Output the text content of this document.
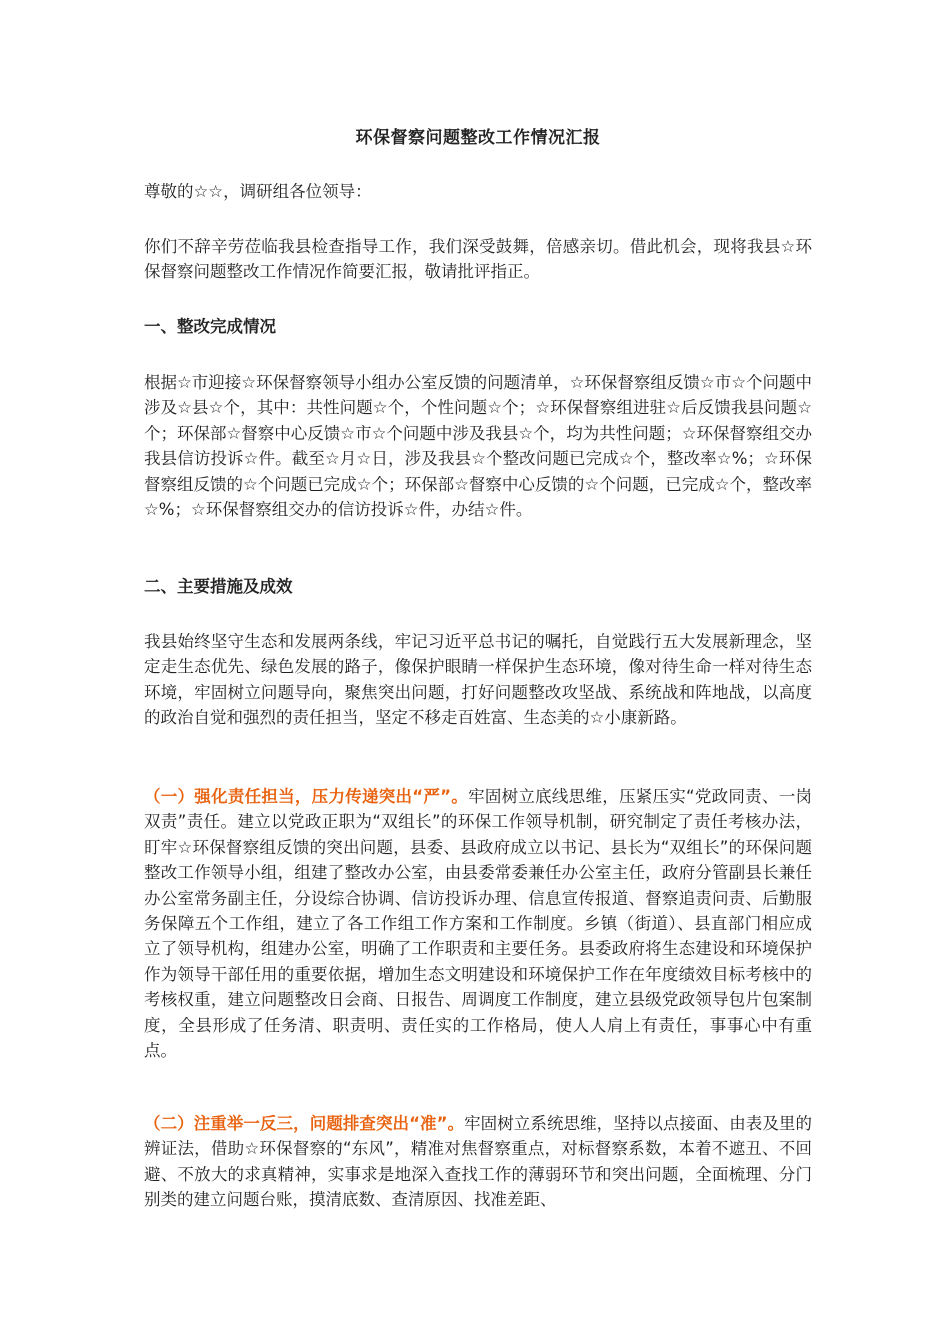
环保督察问题整改工作情况汇报
尊敬的☆☆，调研组各位领导：
你们不辞辛劳莅临我县检查指导工作，我们深受鼓舞，倍感亲切。借此机会，现将我县☆环保督察问题整改工作情况作简要汇报，敬请批评指正。
一、整改完成情况
根据☆市迎接☆环保督察领导小组办公室反馈的问题清单，☆环保督察组反馈☆市☆个问题中涉及☆县☆个，其中：共性问题☆个，个性问题☆个；☆环保督察组进驻☆后反馈我县问题☆个；环保部☆督察中心反馈☆市☆个问题中涉及我县☆个，均为共性问题；☆环保督察组交办我县信访投诉☆件。截至☆月☆日，涉及我县☆个整改问题已完成☆个，整改率☆%；☆环保督察组反馈的☆个问题已完成☆个；环保部☆督察中心反馈的☆个问题，已完成☆个，整改率☆%；☆环保督察组交办的信访投诉☆件，办结☆件。
二、主要措施及成效
我县始终坚守生态和发展两条线，牢记习近平总书记的嘱托，自觉践行五大发展新理念，坚定走生态优先、绿色发展的路子，像保护眼睛一样保护生态环境，像对待生命一样对待生态环境，牢固树立问题导向，聚焦突出问题，打好问题整改攻坚战、系统战和阵地战，以高度的政治自觉和强烈的责任担当，坚定不移走百姓富、生态美的☆小康新路。
（一）强化责任担当，压力传递突出“严”。牢固树立底线思维，压紧压实“党政同责、一岗双责”责任。建立以党政正职为“双组长”的环保工作领导机制，研究制定了责任考核办法，盯牢☆环保督察组反馈的突出问题，县委、县政府成立以书记、县长为“双组长”的环保问题整改工作领导小组，组建了整改办公室，由县委常委兼任办公室主任，政府分管副县长兼任办公室常务副主任，分设综合协调、信访投诉办理、信息宣传报道、督察追责问责、后勤服务保障五个工作组，建立了各工作组工作方案和工作制度。乡镇（街道）、县直部门相应成立了领导机构，组建办公室，明确了工作职责和主要任务。县委政府将生态建设和环境保护作为领导干部任用的重要依据，增加生态文明建设和环境保护工作在年度绩效目标考核中的考核权重，建立问题整改日会商、日报告、周调度工作制度，建立县级党政领导包片包案制度，全县形成了任务清、职责明、责任实的工作格局，使人人肩上有责任，事事心中有重点。
（二）注重举一反三，问题排查突出“准”。牢固树立系统思维，坚持以点接面、由表及里的辨证法，借助☆环保督察的“东风”，精准对焦督察重点，对标督察系数，本着不遮丑、不回避、不放大的求真精神，实事求是地深入查找工作的薄弱环节和突出问题，全面梳理、分门别类的建立问题台账，摸清底数、查清原因、找准差距、
